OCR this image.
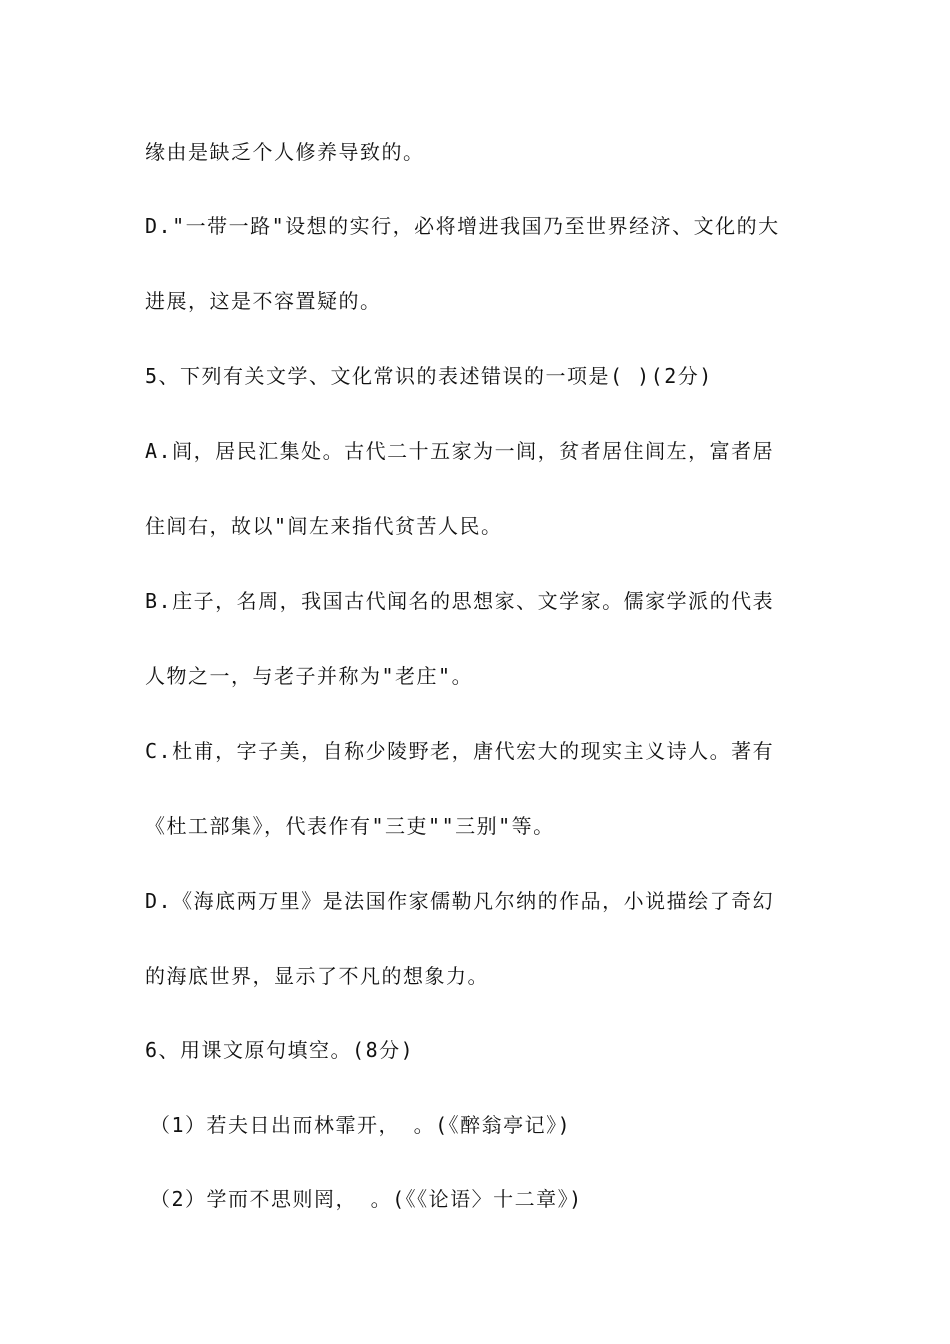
缘由是缺乏个人修养导致的。
D."一带一路"设想的实行，必将增进我国乃至世界经济、文化的大
进展，这是不容置疑的。
5、下列有关文学、文化常识的表述错误的一项是( )(2分)
A.闾，居民汇集处。古代二十五家为一闾，贫者居住闾左，富者居
住闾右，故以"闾左来指代贫苦人民。
B.庄子，名周，我国古代闻名的思想家、文学家。儒家学派的代表
人物之一，与老子并称为"老庄"。
C.杜甫，字子美，自称少陵野老，唐代宏大的现实主义诗人。著有
《杜工部集》，代表作有"三吏""三别"等。
D.《海底两万里》是法国作家儒勒凡尔纳的作品，小说描绘了奇幻
的海底世界，显示了不凡的想象力。
6、用课文原句填空。(8分)
（1）若夫日出而林霏开， 。(《醉翁亭记》)
（2）学而不思则罔， 。(《《论语〉十二章》)
